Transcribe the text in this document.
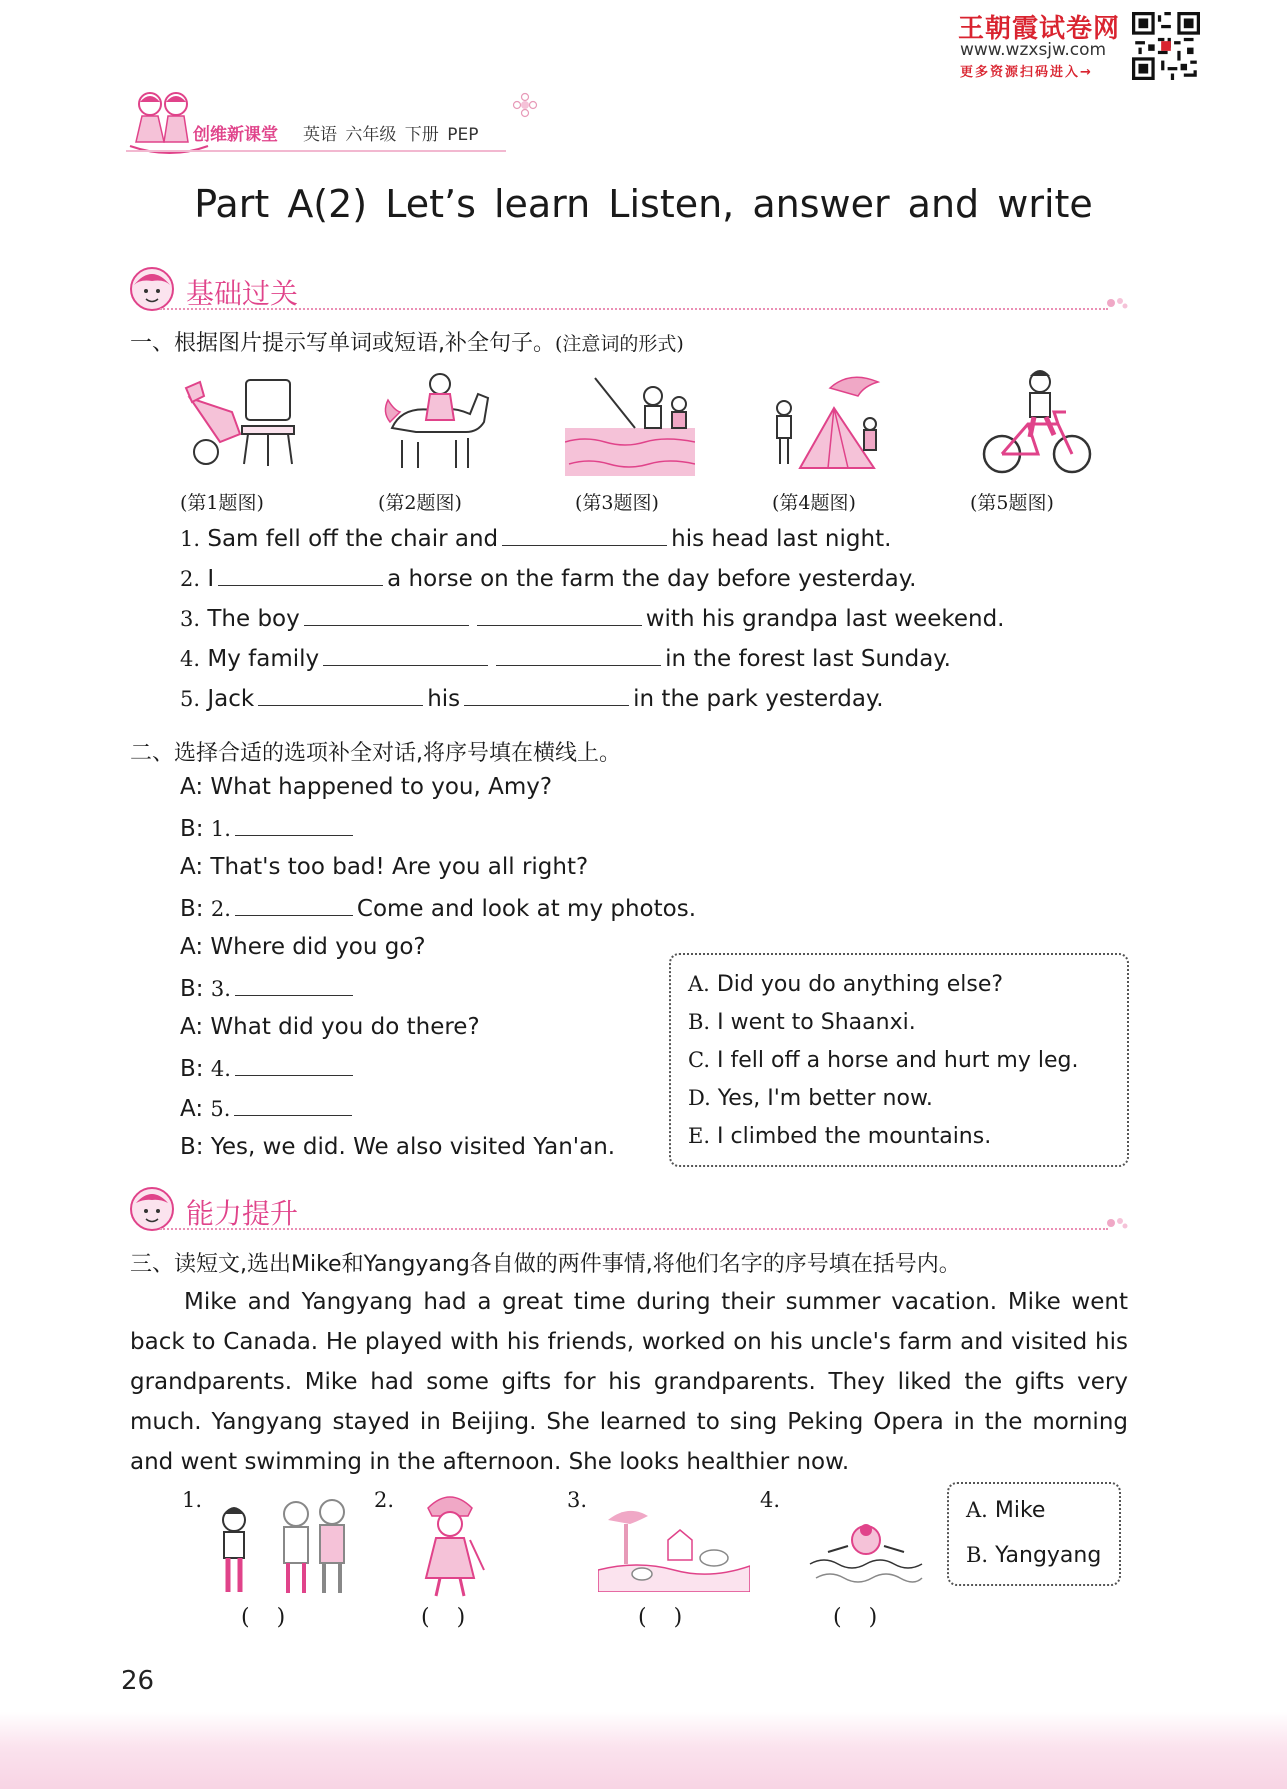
王朝霞试卷网
www.wzxsjw.com
更多资源扫码进入→
创维新课堂 英语 六年级 下册 PEP
Part A(2) Let’s learn Listen, answer and write
基础过关
一、根据图片提示写单词或短语,补全句子。(注意词的形式)
(第1题图)	(第2题图)	(第3题图)	(第4题图)	(第5题图)
1. Sam fell off the chair and	his head last night.
2. I	a horse on the farm the day before yesterday.
3. The boy	with his grandpa last weekend.
4. My family	in the forest last Sunday.
5. Jack	his	in the park yesterday.
二、选择合适的选项补全对话,将序号填在横线上。
A: What happened to you, Amy?
B: 1.
A: That's too bad! Are you all right?
B: 2.	Come and look at my photos.
A: Where did you go?
B: 3.
A: What did you do there?
B: 4.
A: 5.
B: Yes, we did. We also visited Yan'an.
A. Did you do anything else?
B. I went to Shaanxi.
C. I fell off a horse and hurt my leg.
D. Yes, I'm better now.
E. I climbed the mountains.
能力提升
三、读短文,选出Mike和Yangyang各自做的两件事情,将他们名字的序号填在括号内。
Mike and Yangyang had a great time during their summer vacation. Mike went back to Canada. He played with his friends, worked on his uncle's farm and visited his grandparents. Mike had some gifts for his grandparents. They liked the gifts very much. Yangyang stayed in Beijing. She learned to sing Peking Opera in the morning and went swimming in the afternoon. She looks healthier now.
1.	2.	3.	4.	A. Mike
B. Yangyang
( )	( )	( )	( )
26
